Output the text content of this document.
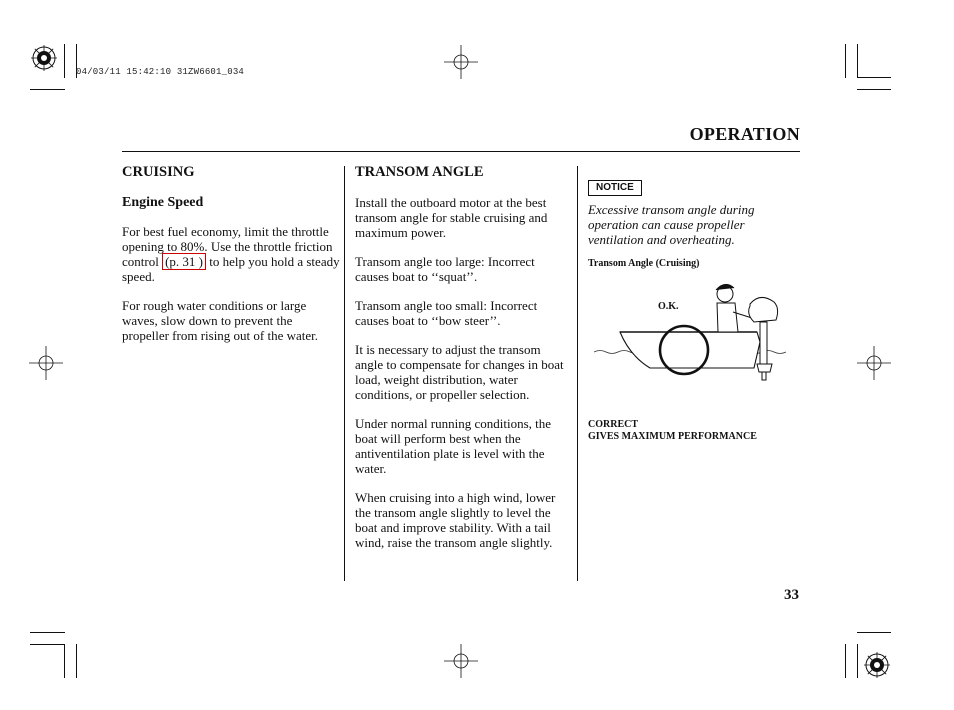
04/03/11 15:42:10 31ZW6601_034
OPERATION
CRUISING
Engine Speed

For best fuel economy, limit the throttle opening to 80%. Use the throttle friction control (p. 31 ) to help you hold a steady speed.

For rough water conditions or large waves, slow down to prevent the propeller from rising out of the water.

TRANSOM ANGLE

Install the outboard motor at the best transom angle for stable cruising and maximum power.

Transom angle too large: Incorrect causes boat to ‘‘squat’’.

Transom angle too small: Incorrect causes boat to ‘‘bow steer’’.

It is necessary to adjust the transom angle to compensate for changes in boat load, weight distribution, water conditions, or propeller selection.

Under normal running conditions, the boat will perform best when the antiventilation plate is level with the water.

When cruising into a high wind, lower the transom angle slightly to level the boat and improve stability. With a tail wind, raise the transom angle slightly.

NOTICE
Excessive transom angle during operation can cause propeller ventilation and overheating.
Transom Angle (Cruising)
O.K.
CORRECT
GIVES MAXIMUM PERFORMANCE
33
